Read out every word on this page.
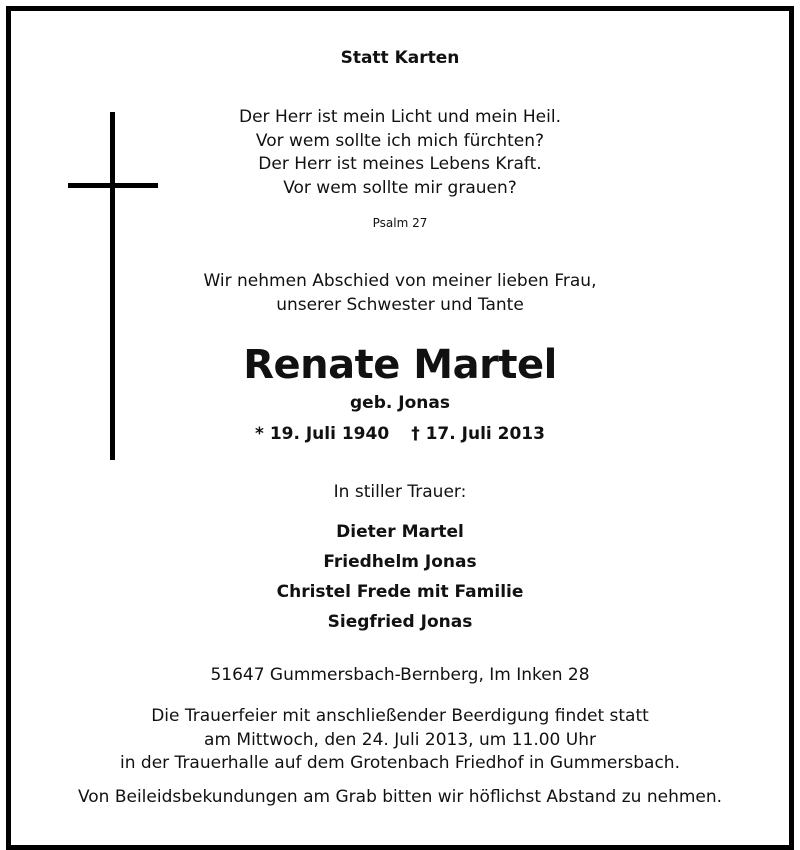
Statt Karten
Der Herr ist mein Licht und mein Heil.
Vor wem sollte ich mich fürchten?
Der Herr ist meines Lebens Kraft.
Vor wem sollte mir grauen?
Psalm 27
Wir nehmen Abschied von meiner lieben Frau,
unserer Schwester und Tante
Renate Martel
geb. Jonas
* 19. Juli 1940 † 17. Juli 2013
In stiller Trauer:
Dieter Martel
Friedhelm Jonas
Christel Frede mit Familie
Siegfried Jonas
51647 Gummersbach-Bernberg, Im Inken 28
Die Trauerfeier mit anschließender Beerdigung findet statt
am Mittwoch, den 24. Juli 2013, um 11.00 Uhr
in der Trauerhalle auf dem Grotenbach Friedhof in Gummersbach.
Von Beileidsbekundungen am Grab bitten wir höflichst Abstand zu nehmen.
